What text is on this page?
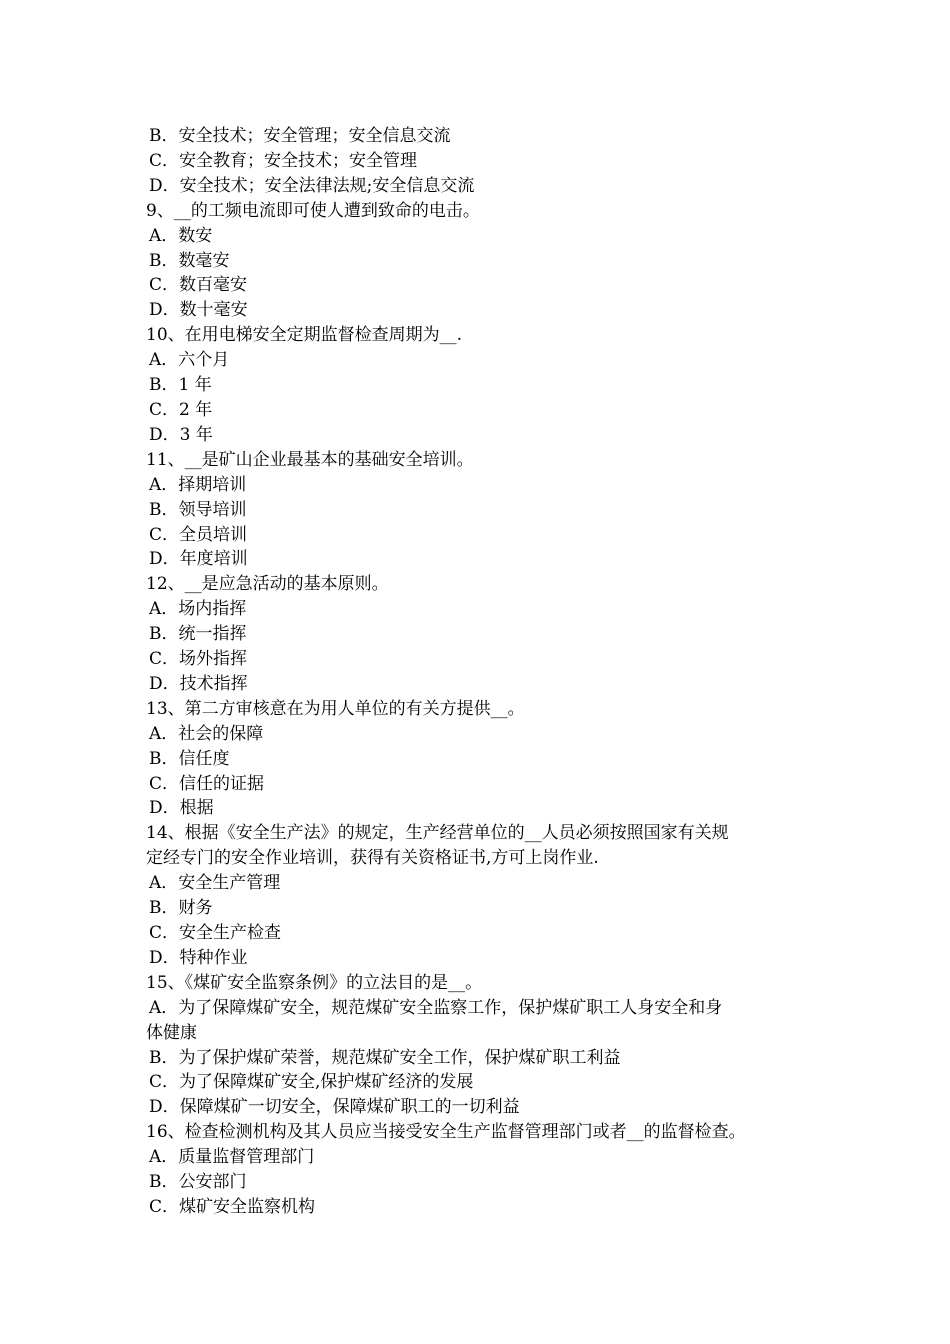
B．安全技术；安全管理；安全信息交流

C．安全教育；安全技术；安全管理

D．安全技术；安全法律法规;安全信息交流

9、__的工频电流即可使人遭到致命的电击。

A．数安

B．数毫安

C．数百毫安

D．数十毫安

10、在用电梯安全定期监督检查周期为__.

A．六个月

B．1 年

C．2 年

D．3 年

11、__是矿山企业最基本的基础安全培训。

A．择期培训

B．领导培训

C．全员培训

D．年度培训

12、__是应急活动的基本原则。

A．场内指挥

B．统一指挥

C．场外指挥

D．技术指挥

13、第二方审核意在为用人单位的有关方提供__。

A．社会的保障

B．信任度

C．信任的证据

D．根据

14、根据《安全生产法》的规定，生产经营单位的__人员必须按照国家有关规

定经专门的安全作业培训，获得有关资格证书,方可上岗作业.

A．安全生产管理

B．财务

C．安全生产检查

D．特种作业

15、《煤矿安全监察条例》的立法目的是__。

A．为了保障煤矿安全，规范煤矿安全监察工作，保护煤矿职工人身安全和身

体健康

B．为了保护煤矿荣誉，规范煤矿安全工作，保护煤矿职工利益

C．为了保障煤矿安全,保护煤矿经济的发展

D．保障煤矿一切安全，保障煤矿职工的一切利益

16、检查检测机构及其人员应当接受安全生产监督管理部门或者__的监督检查。

A．质量监督管理部门

B．公安部门

C．煤矿安全监察机构
